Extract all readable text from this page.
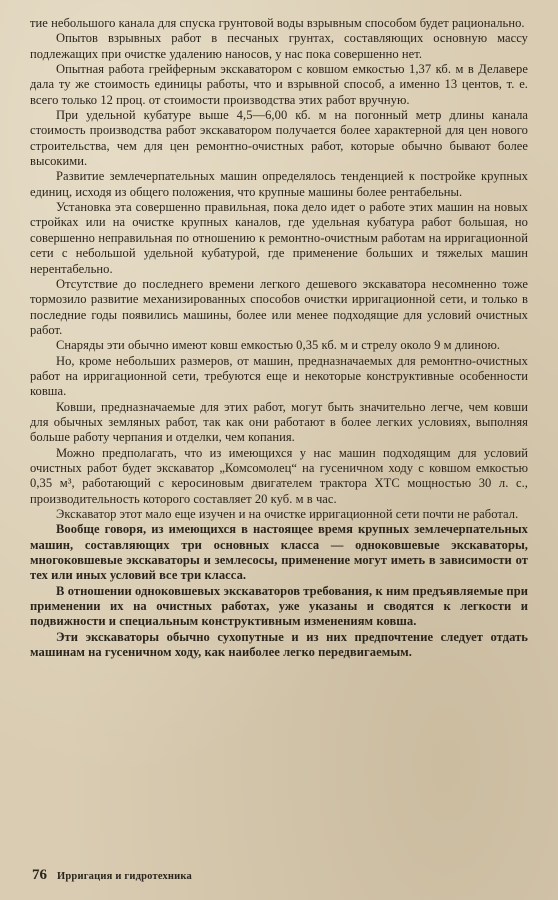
тие небольшого канала для спуска грунтовой воды взрывным способом будет рационально.

Опытов взрывных работ в песчаных грунтах, составляющих основную массу подлежащих при очистке удалению наносов, у нас пока совершенно нет.

Опытная работа грейферным экскаватором с ковшом емкостью 1,37 кб. м в Делавере дала ту же стоимость единицы работы, что и взрывной способ, а именно 13 центов, т. е. всего только 12 проц. от стоимости производства этих работ вручную.

При удельной кубатуре выше 4,5—6,00 кб. м на погонный метр длины канала стоимость производства работ экскаватором получается более характерной для цен нового строительства, чем для цен ремонтно-очистных работ, которые обычно бывают более высокими.

Развитие землечерпательных машин определялось тенденцией к постройке крупных единиц, исходя из общего положения, что крупные машины более рентабельны.

Установка эта совершенно правильная, пока дело идет о работе этих машин на новых стройках или на очистке крупных каналов, где удельная кубатура работ большая, но совершенно неправильная по отношению к ремонтно-очистным работам на ирригационной сети с небольшой удельной кубатурой, где применение больших и тяжелых машин нерентабельно.

Отсутствие до последнего времени легкого дешевого экскаватора несомненно тоже тормозило развитие механизированных способов очистки ирригационной сети, и только в последние годы появились машины, более или менее подходящие для условий очистных работ.

Снаряды эти обычно имеют ковш емкостью 0,35 кб. м и стрелу около 9 м длиною.

Но, кроме небольших размеров, от машин, предназначаемых для ремонтно-очистных работ на ирригационной сети, требуются еще и некоторые конструктивные особенности ковша.

Ковши, предназначаемые для этих работ, могут быть значительно легче, чем ковши для обычных земляных работ, так как они работают в более легких условиях, выполняя больше работу черпания и отделки, чем копания.

Можно предполагать, что из имеющихся у нас машин подходящим для условий очистных работ будет экскаватор „Комсомолец“ на гусеничном ходу с ковшом емкостью 0,35 м³, работающий с керосиновым двигателем трактора ХТС мощностью 30 л. с., производительность которого составляет 20 куб. м в час.

Экскаватор этот мало еще изучен и на очистке ирригационной сети почти не работал.

Вообще говоря, из имеющихся в настоящее время крупных землечерпательных машин, составляющих три основных класса — одноковшевые экскаваторы, многоковшевые экскаваторы и землесосы, применение могут иметь в зависимости от тех или иных условий все три класса.

В отношении одноковшевых экскаваторов требования, к ним предъявляемые при применении их на очистных работах, уже указаны и сводятся к легкости и подвижности и специальным конструктивным изменениям ковша.

Эти экскаваторы обычно сухопутные и из них предпочтение следует отдать машинам на гусеничном ходу, как наиболее легко передвигаемым.

76 Ирригация и гидротехника
